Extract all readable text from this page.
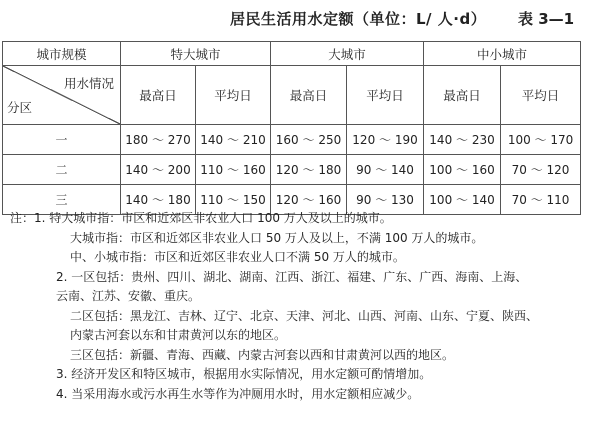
居民生活用水定额（单位：L/ 人·d） 表 3—1
城市规模	特大城市		大城市		中小城市	

用水情况
分区	最高日	平均日	最高日	平均日	最高日	平均日
一	180 ～ 270	140 ～ 210	160 ～ 250	120 ～ 190	140 ～ 230	100 ～ 170
二	140 ～ 200	110 ～ 160	120 ～ 180	90 ～ 140	100 ～ 160	70 ～ 120
三	140 ～ 180	110 ～ 150	120 ～ 160	90 ～ 130	100 ～ 140	70 ～ 110
注：1. 特大城市指：市区和近郊区非农业人口 100 万人及以上的城市。
大城市指：市区和近郊区非农业人口 50 万人及以上，不满 100 万人的城市。
中、小城市指：市区和近郊区非农业人口不满 50 万人的城市。
2. 一区包括：贵州、四川、湖北、湖南、江西、浙江、福建、广东、广西、海南、上海、
云南、江苏、安徽、重庆。
二区包括：黑龙江、吉林、辽宁、北京、天津、河北、山西、河南、山东、宁夏、陕西、
内蒙古河套以东和甘肃黄河以东的地区。
三区包括：新疆、青海、西藏、内蒙古河套以西和甘肃黄河以西的地区。
3. 经济开发区和特区城市，根据用水实际情况，用水定额可酌情增加。
4. 当采用海水或污水再生水等作为冲厕用水时，用水定额相应减少。
